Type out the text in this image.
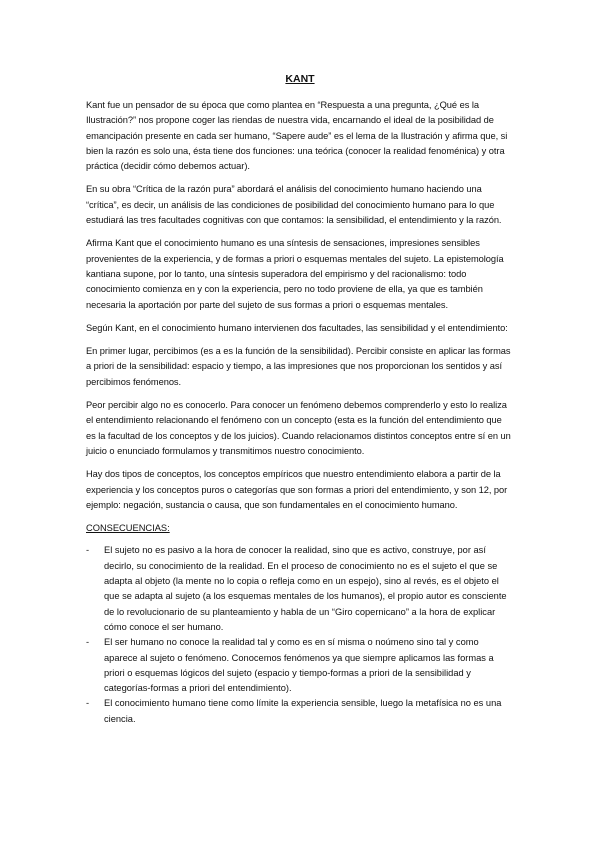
KANT
Kant fue un pensador de su época que como plantea en “Respuesta a una pregunta, ¿Qué es la Ilustración?” nos propone coger las riendas de nuestra vida, encarnando el ideal de la posibilidad de emancipación presente en cada ser humano, “Sapere aude” es el lema de la Ilustración y afirma que, si bien la razón es solo una, ésta tiene dos funciones: una teórica (conocer la realidad fenoménica) y otra práctica (decidir cómo debemos actuar).
En su obra “Crítica de la razón pura” abordará el análisis del conocimiento humano haciendo una “crítica”, es decir, un análisis de las condiciones de posibilidad del conocimiento humano para lo que estudiará las tres facultades cognitivas con que contamos: la sensibilidad, el entendimiento y la razón.
Afirma Kant que el conocimiento humano es una síntesis de sensaciones, impresiones sensibles provenientes de la experiencia, y de formas a priori o esquemas mentales del sujeto. La epistemología kantiana supone, por lo tanto, una síntesis superadora del empirismo y del racionalismo: todo conocimiento comienza en y con la experiencia, pero no todo proviene de ella, ya que es también necesaria la aportación por parte del sujeto de sus formas a priori o esquemas mentales.
Según Kant, en el conocimiento humano intervienen dos facultades, las sensibilidad y el entendimiento:
En primer lugar, percibimos (es a es la función de la sensibilidad). Percibir consiste en aplicar las formas a priori de la sensibilidad: espacio y tiempo, a las impresiones que nos proporcionan los sentidos y así percibimos fenómenos.
Peor percibir algo no es conocerlo. Para conocer un fenómeno debemos comprenderlo y esto lo realiza el entendimiento relacionando el fenómeno con un concepto (esta es la función del entendimiento que es la facultad de los conceptos y de los juicios). Cuando relacionamos distintos conceptos entre sí en un juicio o enunciado formulamos y transmitimos nuestro conocimiento.
Hay dos tipos de conceptos, los conceptos empíricos que nuestro entendimiento elabora a partir de la experiencia y los conceptos puros o categorías que son formas a priori del entendimiento, y son 12, por ejemplo: negación, sustancia o causa, que son fundamentales en el conocimiento humano.
CONSECUENCIAS:
- El sujeto no es pasivo a la hora de conocer la realidad, sino que es activo, construye, por así decirlo, su conocimiento de la realidad. En el proceso de conocimiento no es el sujeto el que se adapta al objeto (la mente no lo copia o refleja como en un espejo), sino al revés, es el objeto el que se adapta al sujeto (a los esquemas mentales de los humanos), el propio autor es consciente de lo revolucionario de su planteamiento y habla de un “Giro copernicano” a la hora de explicar cómo conoce el ser humano.
- El ser humano no conoce la realidad tal y como es en sí misma o noúmeno sino tal y como aparece al sujeto o fenómeno. Conocemos fenómenos ya que siempre aplicamos las formas a priori o esquemas lógicos del sujeto (espacio y tiempo-formas a priori de la sensibilidad y categorías-formas a priori del entendimiento).
- El conocimiento humano tiene como límite la experiencia sensible, luego la metafísica no es una ciencia.
